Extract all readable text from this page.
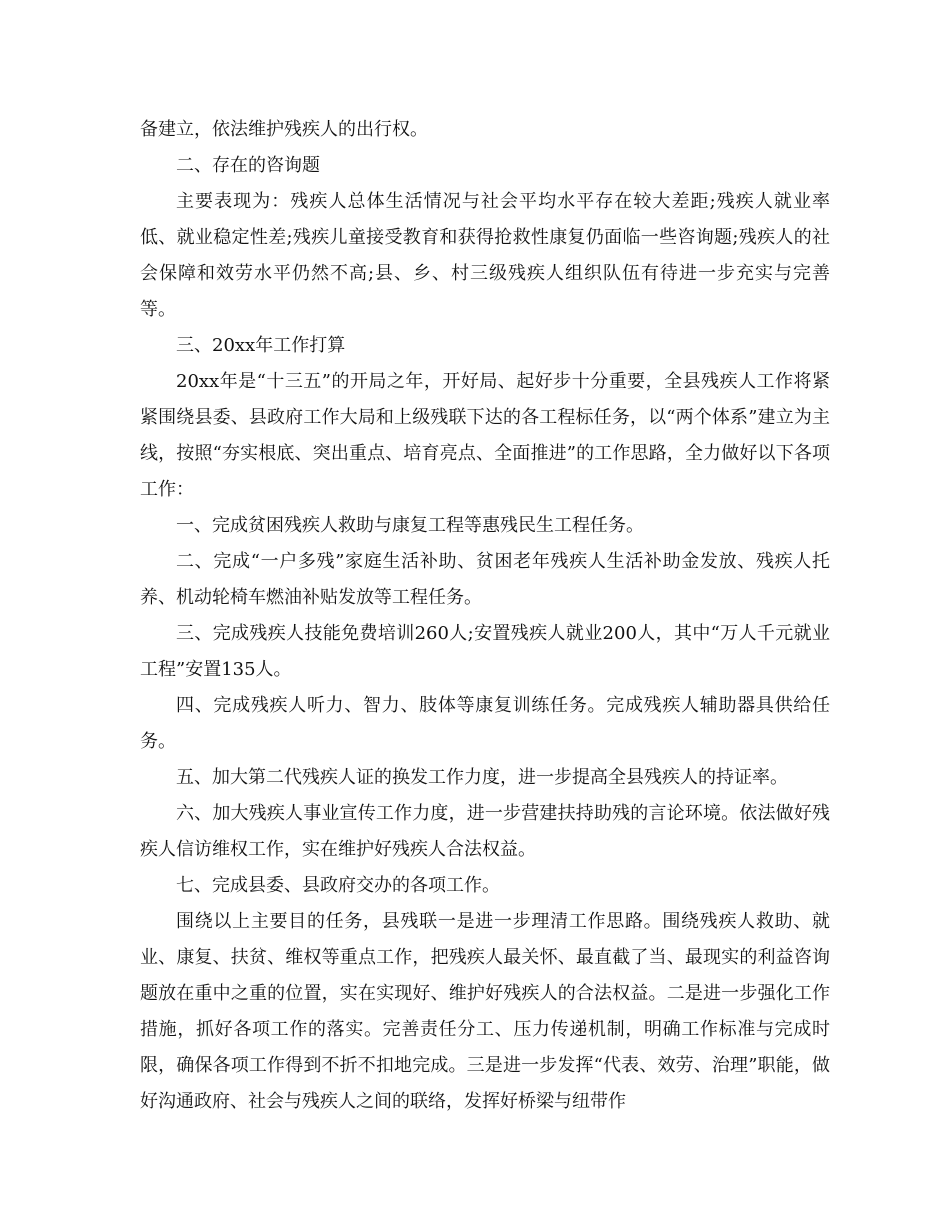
备建立，依法维护残疾人的出行权。

二、存在的咨询题

主要表现为：残疾人总体生活情况与社会平均水平存在较大差距;残疾人就业率低、就业稳定性差;残疾儿童接受教育和获得抢救性康复仍面临一些咨询题;残疾人的社会保障和效劳水平仍然不高;县、乡、村三级残疾人组织队伍有待进一步充实与完善等。

三、20xx年工作打算

20xx年是“十三五”的开局之年，开好局、起好步十分重要，全县残疾人工作将紧紧围绕县委、县政府工作大局和上级残联下达的各工程标任务，以“两个体系”建立为主线，按照“夯实根底、突出重点、培育亮点、全面推进”的工作思路，全力做好以下各项工作：

一、完成贫困残疾人救助与康复工程等惠残民生工程任务。

二、完成“一户多残”家庭生活补助、贫困老年残疾人生活补助金发放、残疾人托养、机动轮椅车燃油补贴发放等工程任务。

三、完成残疾人技能免费培训260人;安置残疾人就业200人，其中“万人千元就业工程”安置135人。

四、完成残疾人听力、智力、肢体等康复训练任务。完成残疾人辅助器具供给任务。

五、加大第二代残疾人证的换发工作力度，进一步提高全县残疾人的持证率。

六、加大残疾人事业宣传工作力度，进一步营建扶持助残的言论环境。依法做好残疾人信访维权工作，实在维护好残疾人合法权益。

七、完成县委、县政府交办的各项工作。

围绕以上主要目的任务，县残联一是进一步理清工作思路。围绕残疾人救助、就业、康复、扶贫、维权等重点工作，把残疾人最关怀、最直截了当、最现实的利益咨询题放在重中之重的位置，实在实现好、维护好残疾人的合法权益。二是进一步强化工作措施，抓好各项工作的落实。完善责任分工、压力传递机制，明确工作标准与完成时限，确保各项工作得到不折不扣地完成。三是进一步发挥“代表、效劳、治理”职能，做好沟通政府、社会与残疾人之间的联络，发挥好桥梁与纽带作
